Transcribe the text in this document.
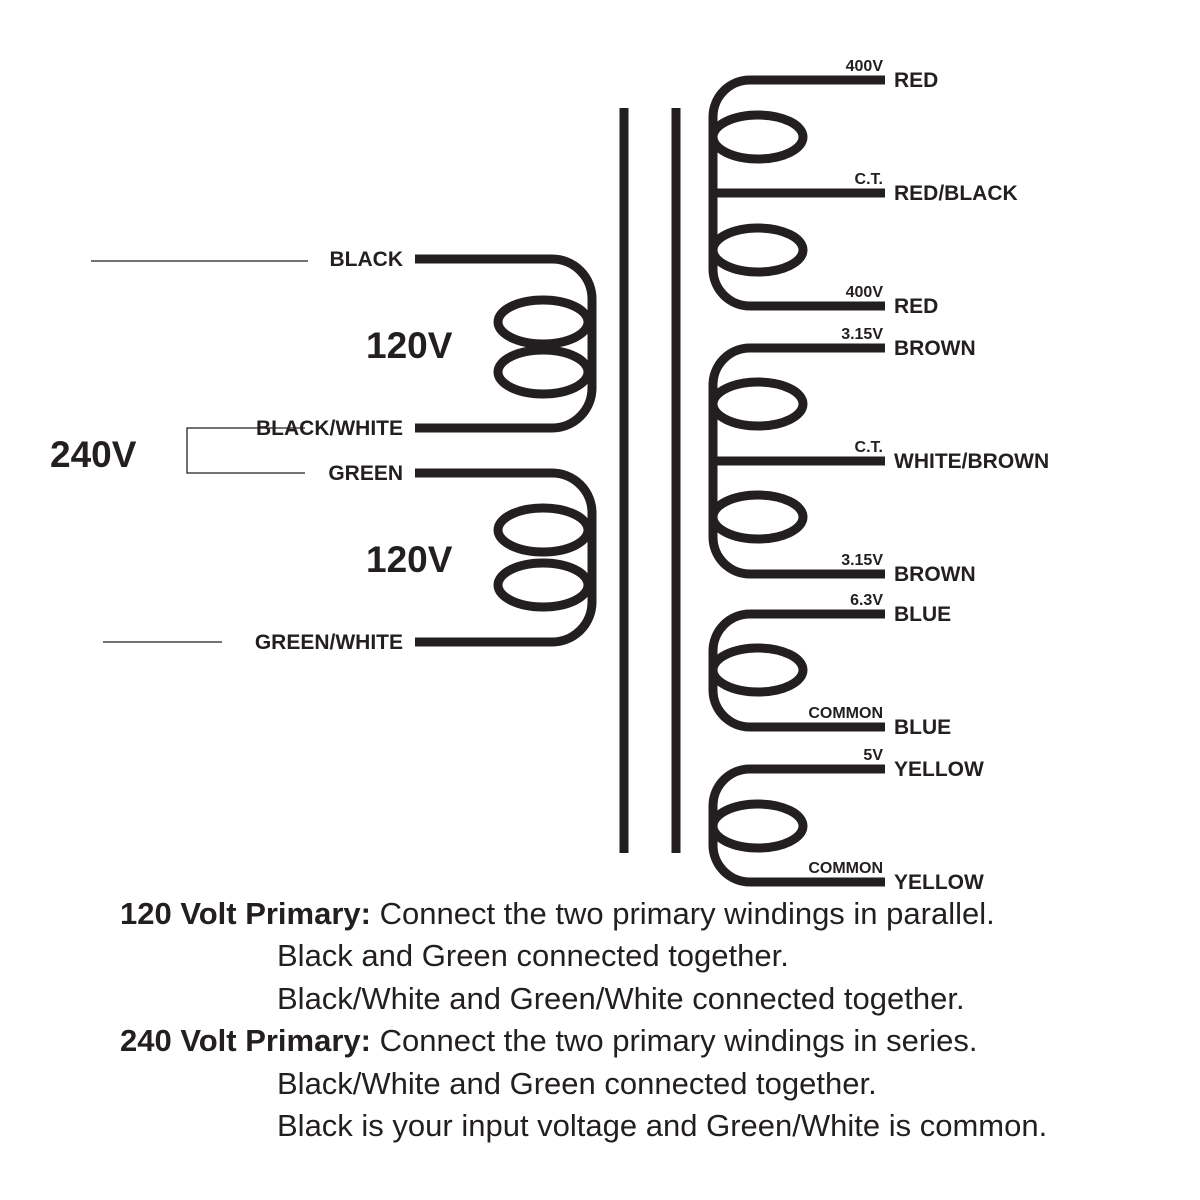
240V
120V
120V
BLACK
BLACK/WHITE
GREEN
GREEN/WHITE
400V
RED
C.T.
RED/BLACK
400V
RED
3.15V
BROWN
C.T.
WHITE/BROWN
3.15V
BROWN
6.3V
BLUE
COMMON
BLUE
5V
YELLOW
COMMON
YELLOW
120 Volt Primary: Connect the two primary windings in parallel.
Black and Green connected together.
Black/White and Green/White connected together.
240 Volt Primary: Connect the two primary windings in series.
Black/White and Green connected together.
Black is your input voltage and Green/White is common.
